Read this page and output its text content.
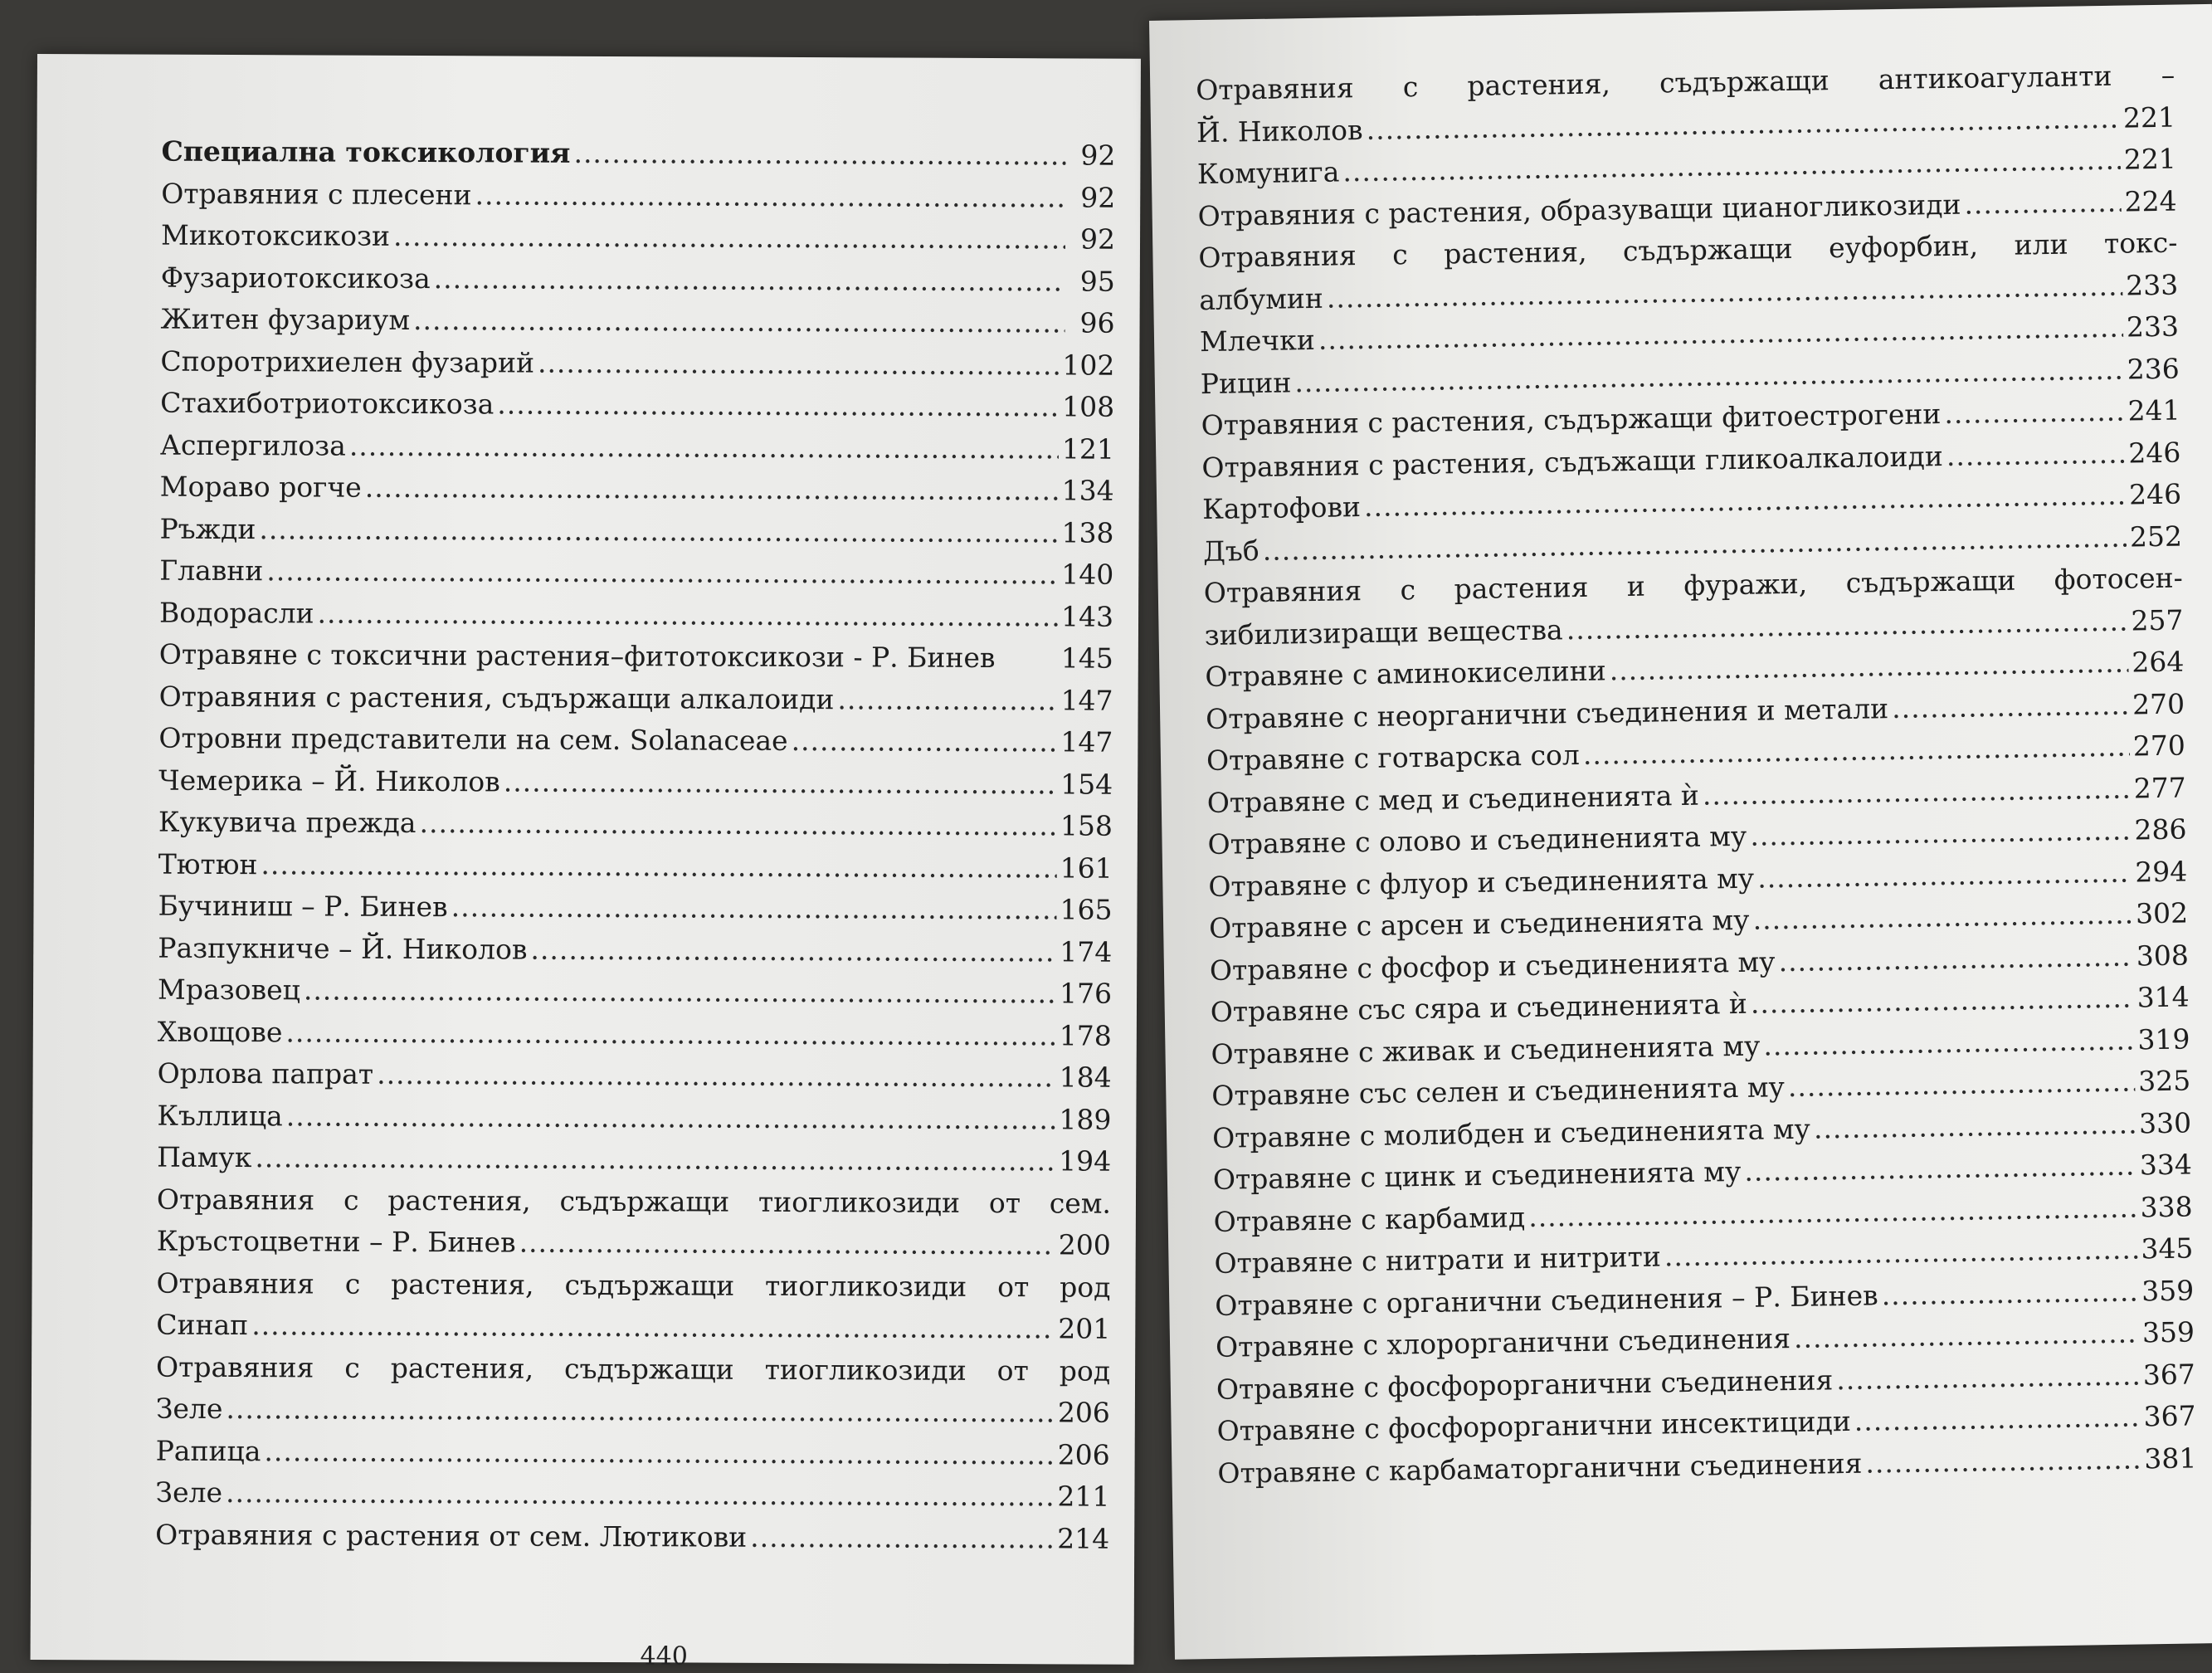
Специална токсикология .....	92
Отравяния с плесени .....	92
Микотоксикози .....	92
Фузариотоксикоза .....	95
Житен фузариум .....	96
Споротрихиелен фузарий .....	102
Стахиботриотоксикоза .....	108
Аспергилоза .....	121
Мораво рогче .....	134
Ръжди .....	138
Главни .....	140
Водорасли .....	143
Отравяне с токсични растения–фитотоксикози - Р. Бинев 145
Отравяния с растения, съдържащи алкалоиди .....	147
Отровни представители на сем. Solanaceae .....	147
Чемерика – Й. Николов .....	154
Кукувича прежда .....	158
Тютюн .....	161
Бучиниш – Р. Бинев .....	165
Разпукниче – Й. Николов .....	174
Мразовец .....	176
Хвощове .....	178
Орлова папрат .....	184
Къллица .....	189
Памук .....	194
Отравяния с растения, съдържащи тиогликозиди от сем.
Кръстоцветни – Р. Бинев .....	200
Отравяния с растения, съдържащи тиогликозиди от род
Синап .....	201
Отравяния с растения, съдържащи тиогликозиди от род
Зеле .....	206
Рапица .....	206
Зеле .....	211
Отравяния с растения от сем. Лютикови .....	214
440
Отравяния с растения, съдържащи антикоагуланти –
Й. Николов .....	221
Комунига .....	221
Отравяния с растения, образуващи цианогликозиди .....	224
Отравяния с растения, съдържащи еуфорбин, или токс-
албумин .....	233
Млечки .....	233
Рицин .....	236
Отравяния с растения, съдържащи фитоестрогени .....	241
Отравяния с растения, съдъжащи гликоалкалоиди .....	246
Картофови .....	246
Дъб .....	252
Отравяния с растения и фуражи, съдържащи фотосен-
зибилизиращи вещества .....	257
Отравяне с аминокиселини .....	264
Отравяне с неорганични съединения и метали .....	270
Отравяне с готварска сол .....	270
Отравяне с мед и съединенията ѝ .....	277
Отравяне с олово и съединенията му .....	286
Отравяне с флуор и съединенията му .....	294
Отравяне с арсен и съединенията му .....	302
Отравяне с фосфор и съединенията му .....	308
Отравяне със сяра и съединенията ѝ .....	314
Отравяне с живак и съединенията му .....	319
Отравяне със селен и съединенията му .....	325
Отравяне с молибден и съединенията му .....	330
Отравяне с цинк и съединенията му .....	334
Отравяне с карбамид .....	338
Отравяне с нитрати и нитрити .....	345
Отравяне с органични съединения – Р. Бинев .....	359
Отравяне с хлорорганични съединения .....	359
Отравяне с фосфорорганични съединения .....	367
Отравяне с фосфорорганични инсектициди .....	367
Отравяне с карбаматорганични съединения .....	381
